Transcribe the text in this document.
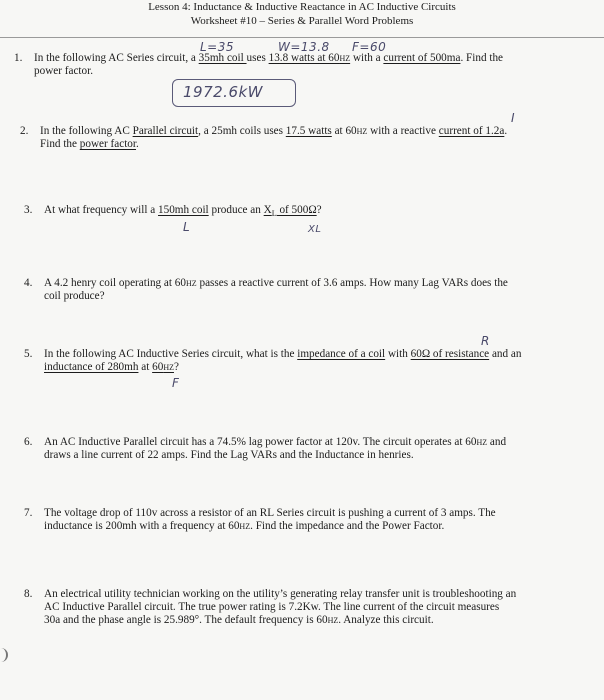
Lesson 4: Inductance & Inductive Reactance in AC Inductive Circuits
Worksheet #10 – Series & Parallel Word Problems
1. In the following AC Series circuit, a 35mh coil uses 13.8 watts at 60HZ with a current of 500ma. Find the
power factor.
L=35	W=13.8 F=60
1972.6kW
2. In the following AC Parallel circuit, a 25mh coils uses 17.5 watts at 60HZ with a reactive current of 1.2a.
Find the power factor.
I
3. At what frequency will a 150mh coil produce an $X_L$ of 500Ω?
L	XL
4. A 4.2 henry coil operating at 60HZ passes a reactive current of 3.6 amps. How many Lag VARs does the
coil produce?
5. In the following AC Inductive Series circuit, what is the impedance of a coil with 60Ω of resistance and an
inductance of 280mh at 60HZ?
R
F
6. An AC Inductive Parallel circuit has a 74.5% lag power factor at 120v. The circuit operates at 60HZ and
draws a line current of 22 amps. Find the Lag VARs and the Inductance in henries.
7. The voltage drop of 110v across a resistor of an RL Series circuit is pushing a current of 3 amps. The
inductance is 200mh with a frequency at 60HZ. Find the impedance and the Power Factor.
8. An electrical utility technician working on the utility’s generating relay transfer unit is troubleshooting an
AC Inductive Parallel circuit. The true power rating is 7.2Kw. The line current of the circuit measures
30a and the phase angle is 25.989°. The default frequency is 60HZ. Analyze this circuit.
